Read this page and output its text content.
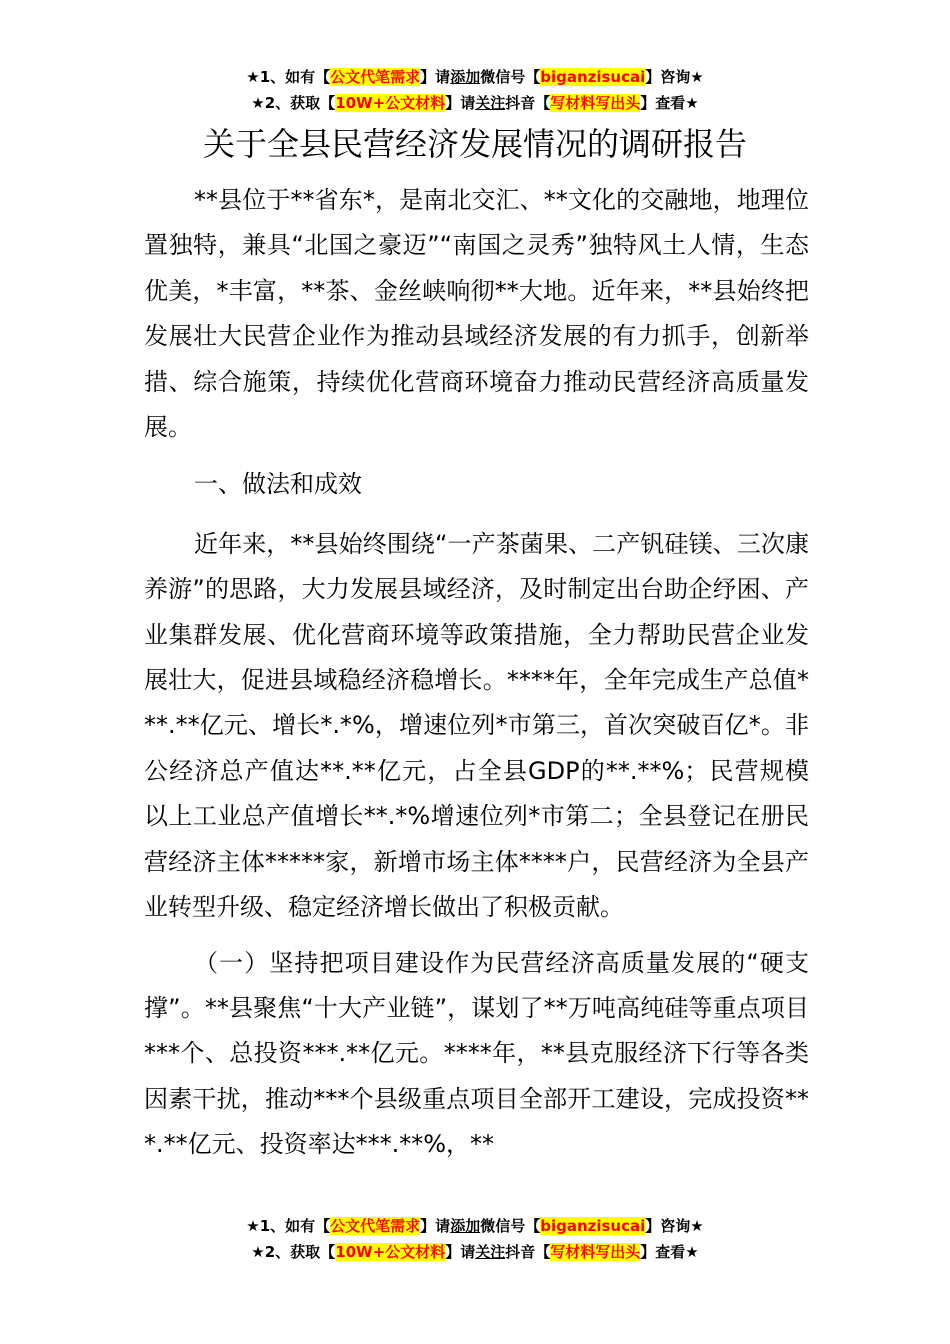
★1、如有【公文代笔需求】请添加微信号【biganzisucai】咨询★
★2、获取【10W+公文材料】请关注抖音【写材料写出头】查看★
关于全县民营经济发展情况的调研报告

**县位于**省东*，是南北交汇、**文化的交融地，地理位置独特，兼具“北国之豪迈”“南国之灵秀”独特风土人情，生态优美，*丰富，**茶、金丝峡响彻**大地。近年来，**县始终把发展壮大民营企业作为推动县域经济发展的有力抓手，创新举措、综合施策，持续优化营商环境奋力推动民营经济高质量发展。

一、做法和成效

近年来，**县始终围绕“一产茶菌果、二产钒硅镁、三次康养游”的思路，大力发展县域经济，及时制定出台助企纾困、产业集群发展、优化营商环境等政策措施，全力帮助民营企业发展壮大，促进县域稳经济稳增长。****年，全年完成生产总值***.**亿元、增长*.*%，增速位列*市第三，首次突破百亿*。非公经济总产值达**.**亿元，占全县GDP的**.**%；民营规模以上工业总产值增长**.*%增速位列*市第二；全县登记在册民营经济主体*****家，新增市场主体****户，民营经济为全县产业转型升级、稳定经济增长做出了积极贡献。

（一）坚持把项目建设作为民营经济高质量发展的“硬支撑”。**县聚焦“十大产业链”，谋划了**万吨高纯硅等重点项目***个、总投资***.**亿元。****年，**县克服经济下行等各类因素干扰，推动***个县级重点项目全部开工建设，完成投资***.**亿元、投资率达***.**%，**

★1、如有【公文代笔需求】请添加微信号【biganzisucai】咨询★
★2、获取【10W+公文材料】请关注抖音【写材料写出头】查看★
